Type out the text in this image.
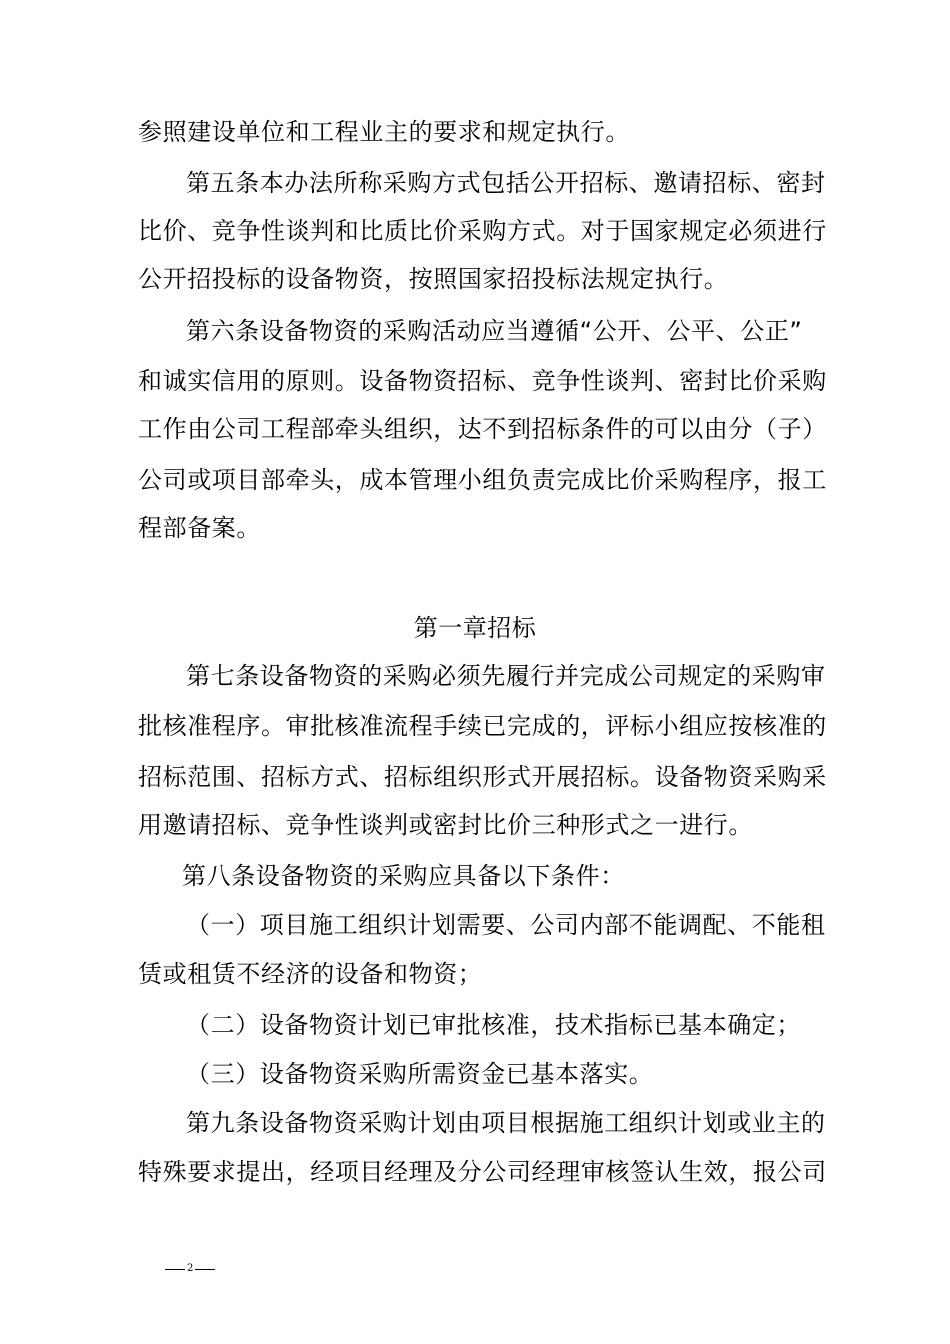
参照建设单位和工程业主的要求和规定执行。
第五条本办法所称采购方式包括公开招标、邀请招标、密封
比价、竞争性谈判和比质比价采购方式。对于国家规定必须进行
公开招投标的设备物资，按照国家招投标法规定执行。
第六条设备物资的采购活动应当遵循“公开、公平、公正”
和诚实信用的原则。设备物资招标、竞争性谈判、密封比价采购
工作由公司工程部牵头组织，达不到招标条件的可以由分（子）
公司或项目部牵头，成本管理小组负责完成比价采购程序，报工
程部备案。
第一章招标
第七条设备物资的采购必须先履行并完成公司规定的采购审
批核准程序。审批核准流程手续已完成的，评标小组应按核准的
招标范围、招标方式、招标组织形式开展招标。设备物资采购采
用邀请招标、竞争性谈判或密封比价三种形式之一进行。
第八条设备物资的采购应具备以下条件：
（一）项目施工组织计划需要、公司内部不能调配、不能租
赁或租赁不经济的设备和物资；
（二）设备物资计划已审批核准，技术指标已基本确定；
（三）设备物资采购所需资金已基本落实。
第九条设备物资采购计划由项目根据施工组织计划或业主的
特殊要求提出，经项目经理及分公司经理审核签认生效，报公司
2
